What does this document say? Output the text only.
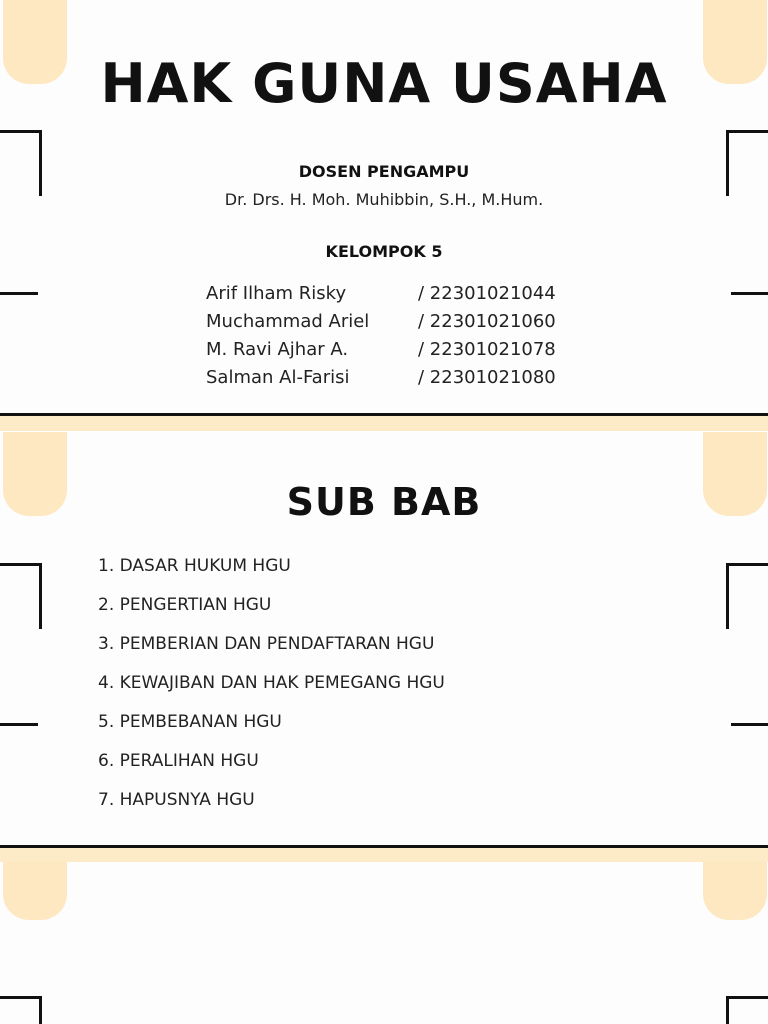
HAK GUNA USAHA
DOSEN PENGAMPU
Dr. Drs. H. Moh. Muhibbin, S.H., M.Hum.
KELOMPOK 5
Arif Ilham Risky	/ 22301021044
Muchammad Ariel	/ 22301021060
M. Ravi Ajhar A.	/ 22301021078
Salman Al-Farisi	/ 22301021080
SUB BAB
1. DASAR HUKUM HGU
2. PENGERTIAN HGU
3. PEMBERIAN DAN PENDAFTARAN HGU
4. KEWAJIBAN DAN HAK PEMEGANG HGU
5. PEMBEBANAN HGU
6. PERALIHAN HGU
7. HAPUSNYA HGU
